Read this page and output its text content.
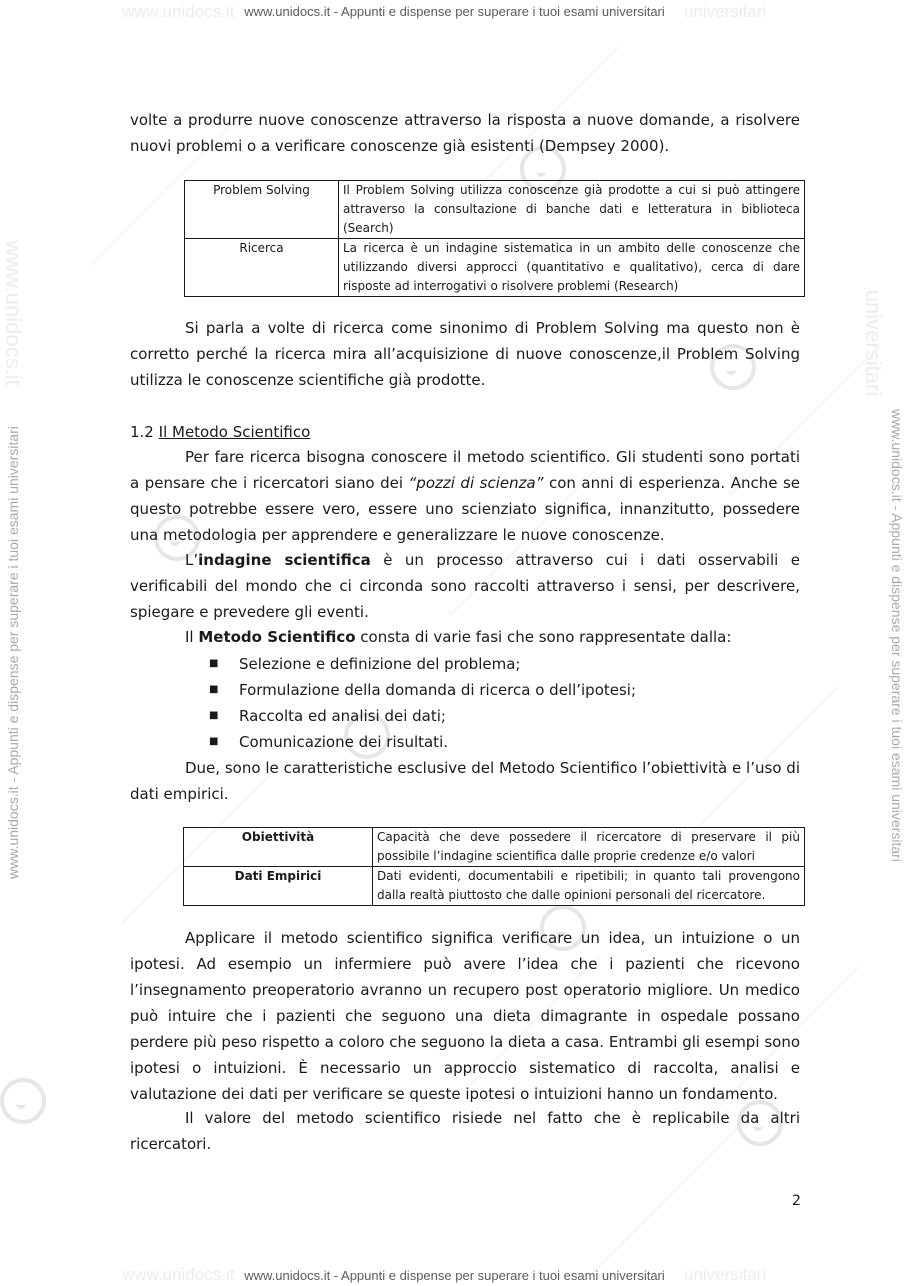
www.unidocs.it	universitari
www.unidocs.it	universitari
www.unidocs.it	universitari
www.unidocs.it - Appunti e dispense per superare i tuoi esami universitari
www.unidocs.it - Appunti e dispense per superare i tuoi esami universitari
www.unidocs.it - Appunti e dispense per superare i tuoi esami universitari	www.unidocs.it - Appunti e dispense per superare i tuoi esami universitari

volte a produrre nuove conoscenze attraverso la risposta a nuove domande, a risolvere nuovi problemi o a verificare conoscenze già esistenti (Dempsey 2000).

Problem Solving	Il Problem Solving utilizza conoscenze già prodotte a cui si può attingere attraverso la consultazione di banche dati e letteratura in biblioteca (Search)
Ricerca	La ricerca è un indagine sistematica in un ambito delle conoscenze che utilizzando diversi approcci (quantitativo e qualitativo), cerca di dare risposte ad interrogativi o risolvere problemi (Research)

Si parla a volte di ricerca come sinonimo di Problem Solving ma questo non è corretto perché la ricerca mira all’acquisizione di nuove conoscenze,il Problem Solving utilizza le conoscenze scientifiche già prodotte.

1.2 Il Metodo Scientifico

Per fare ricerca bisogna conoscere il metodo scientifico. Gli studenti sono portati a pensare che i ricercatori siano dei “pozzi di scienza” con anni di esperienza. Anche se questo potrebbe essere vero, essere uno scienziato significa, innanzitutto, possedere una metodologia per apprendere e generalizzare le nuove conoscenze.

L’indagine scientifica è un processo attraverso cui i dati osservabili e verificabili del mondo che ci circonda sono raccolti attraverso i sensi, per descrivere, spiegare e prevedere gli eventi.

Il Metodo Scientifico consta di varie fasi che sono rappresentate dalla:

■ Selezione e definizione del problema;
■ Formulazione della domanda di ricerca o dell’ipotesi;
■ Raccolta ed analisi dei dati;
■ Comunicazione dei risultati.

Due, sono le caratteristiche esclusive del Metodo Scientifico l’obiettività e l’uso di dati empirici.

Obiettività	Capacità che deve possedere il ricercatore di preservare il più possibile l’indagine scientifica dalle proprie credenze e/o valori
Dati Empirici	Dati evidenti, documentabili e ripetibili; in quanto tali provengono dalla realtà piuttosto che dalle opinioni personali del ricercatore.

Applicare il metodo scientifico significa verificare un idea, un intuizione o un ipotesi. Ad esempio un infermiere può avere l’idea che i pazienti che ricevono l’insegnamento preoperatorio avranno un recupero post operatorio migliore. Un medico può intuire che i pazienti che seguono una dieta dimagrante in ospedale possano perdere più peso rispetto a coloro che seguono la dieta a casa. Entrambi gli esempi sono ipotesi o intuizioni. È necessario un approccio sistematico di raccolta, analisi e valutazione dei dati per verificare se queste ipotesi o intuizioni hanno un fondamento.

Il valore del metodo scientifico risiede nel fatto che è replicabile da altri ricercatori.

2
